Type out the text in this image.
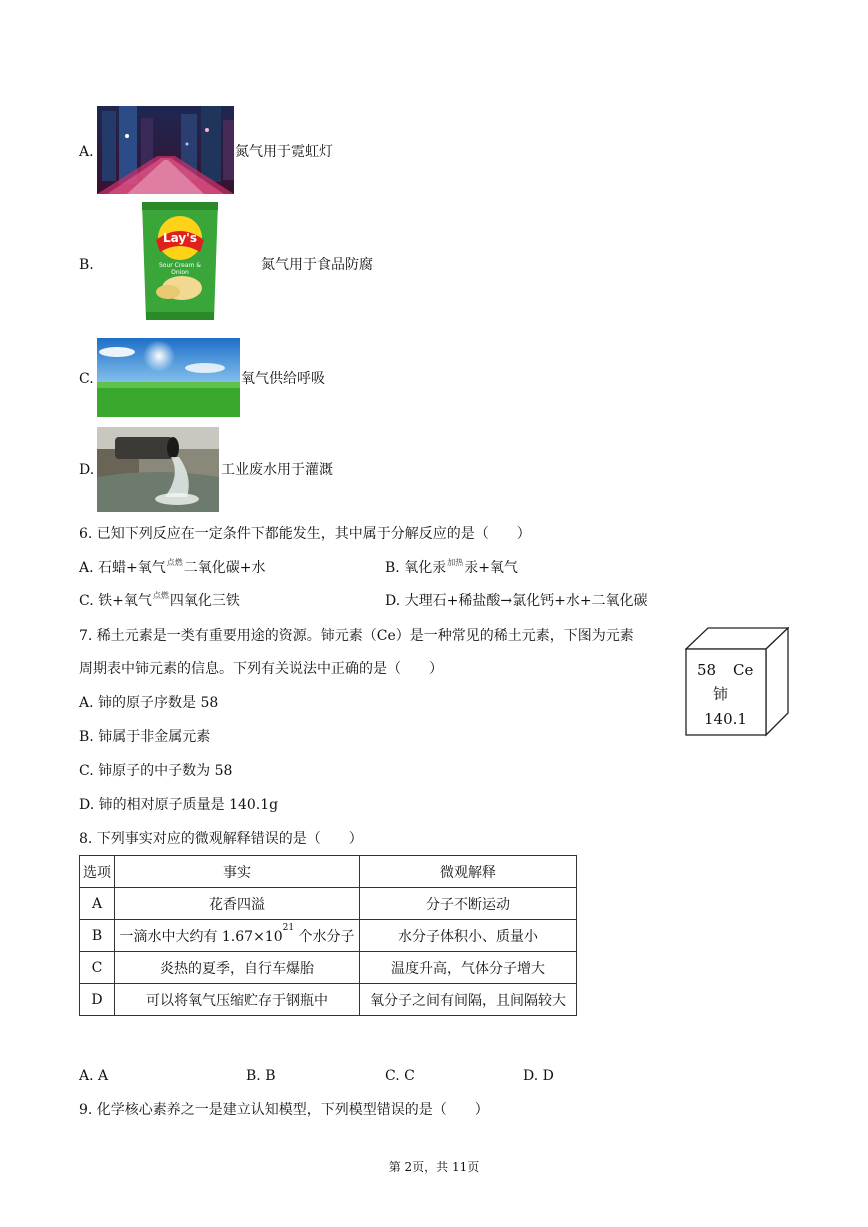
A.	氮气用于霓虹灯
B.
Lay's
Sour Cream & Onion	氮气用于食品防腐
C.	氧气供给呼吸
D.	工业废水用于灌溉
6. 已知下列反应在一定条件下都能发生，其中属于分解反应的是（　　）
A. 石蜡+氧气$^{点燃}$二氧化碳+水	B. 氧化汞$^{加热}$汞+氧气
C. 铁+氧气$^{点燃}$四氧化三铁	D. 大理石+稀盐酸→氯化钙+水+二氧化碳
7. 稀土元素是一类有重要用途的资源。铈元素（Ce）是一种常见的稀土元素，下图为元素
周期表中铈元素的信息。下列有关说法中正确的是（　　）
A. 铈的原子序数是 58
B. 铈属于非金属元素
C. 铈原子的中子数为 58
D. 铈的相对原子质量是 140.1g
58 Ce
铈
140.1
8. 下列事实对应的微观解释错误的是（　　）
选项	事实	微观解释
A	花香四溢	分子不断运动
B	一滴水中大约有 $1.67\times 10^{21}$ 个水分子	水分子体积小、质量小
C	炎热的夏季，自行车爆胎	温度升高，气体分子增大
D	可以将氧气压缩贮存于钢瓶中	氧分子之间有间隔，且间隔较大
A. A	B. B	C. C	D. D
9. 化学核心素养之一是建立认知模型，下列模型错误的是（　　）
第 2页，共 11页
